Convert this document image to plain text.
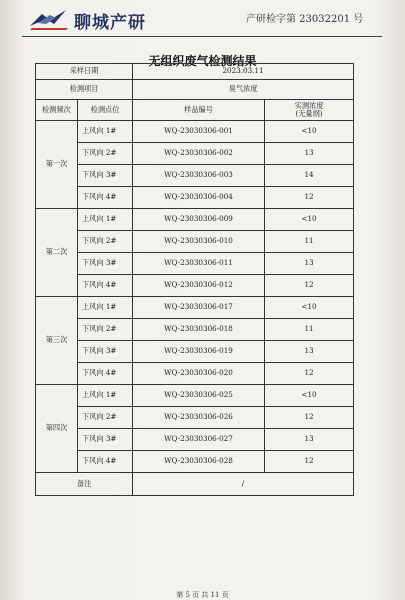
聊城产研	产研检字第 23032201 号
无组织废气检测结果
采样日期		2023.03.11	
检测项目		臭气浓度	
检测频次	检测点位	样品编号	实测浓度
(无量纲)

第一次	上风向 1#	WQ-23030306-001	<10
	下风向 2#	WQ-23030306-002	13
	下风向 3#	WQ-23030306-003	14
	下风向 4#	WQ-23030306-004	12
第二次	上风向 1#	WQ-23030306-009	<10
	下风向 2#	WQ-23030306-010	11
	下风向 3#	WQ-23030306-011	13
	下风向 4#	WQ-23030306-012	12
第三次	上风向 1#	WQ-23030306-017	<10
	下风向 2#	WQ-23030306-018	11
	下风向 3#	WQ-23030306-019	13
	下风向 4#	WQ-23030306-020	12
第四次	上风向 1#	WQ-23030306-025	<10
	下风向 2#	WQ-23030306-026	12
	下风向 3#	WQ-23030306-027	13
	下风向 4#	WQ-23030306-028	12
备注		/	
第 5 页 共 11 页
